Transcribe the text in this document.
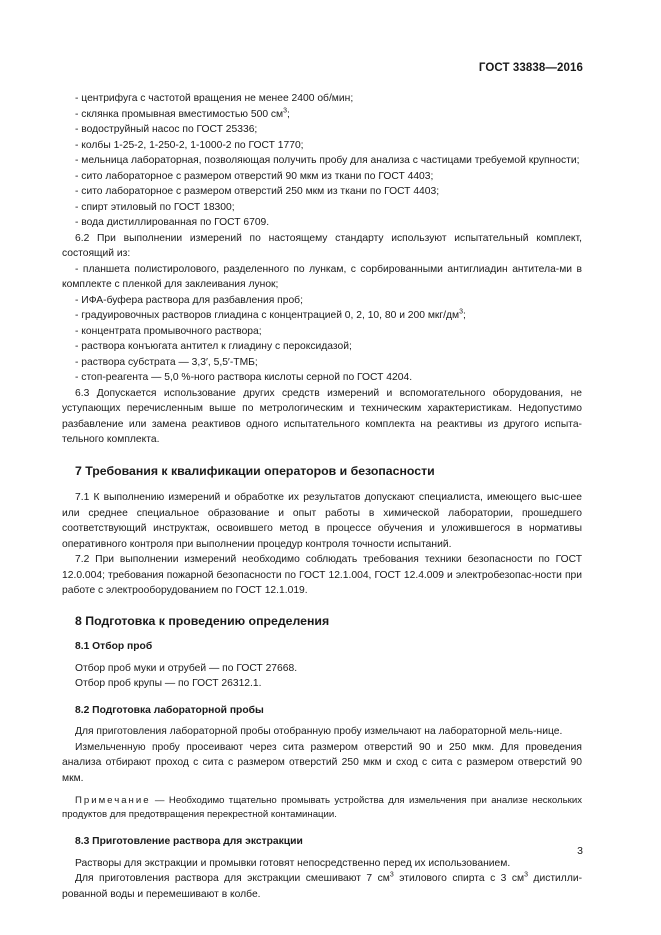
ГОСТ 33838—2016

- центрифуга с частотой вращения не менее 2400 об/мин;

- склянка промывная вместимостью 500 $см^3$;

- водоструйный насос по ГОСТ 25336;

- колбы 1-25-2, 1-250-2, 1-1000-2 по ГОСТ 1770;

- мельница лабораторная, позволяющая получить пробу для анализа с частицами требуемой крупности;

- сито лабораторное с размером отверстий 90 мкм из ткани по ГОСТ 4403;

- сито лабораторное с размером отверстий 250 мкм из ткани по ГОСТ 4403;

- спирт этиловый по ГОСТ 18300;

- вода дистиллированная по ГОСТ 6709.

6.2 При выполнении измерений по настоящему стандарту используют испытательный комплект, состоящий из:

- планшета полистиролового, разделенного по лункам, с сорбированными антиглиадин антитела-ми в комплекте с пленкой для заклеивания лунок;

- ИФА-буфера раствора для разбавления проб;

- градуировочных растворов глиадина с концентрацией 0, 2, 10, 80 и 200 мкг/$дм^3$;

- концентрата промывочного раствора;

- раствора конъюгата антител к глиадину с пероксидазой;

- раствора субстрата — 3,3′, 5,5′-ТМБ;

- стоп-реагента — 5,0 %-ного раствора кислоты серной по ГОСТ 4204.

6.3 Допускается использование других средств измерений и вспомогательного оборудования, не уступающих перечисленным выше по метрологическим и техническим характеристикам. Недопустимо разбавление или замена реактивов одного испытательного комплекта на реактивы из другого испыта-тельного комплекта.

7 Требования к квалификации операторов и безопасности

7.1 К выполнению измерений и обработке их результатов допускают специалиста, имеющего выс-шее или среднее специальное образование и опыт работы в химической лаборатории, прошедшего соответствующий инструктаж, освоившего метод в процессе обучения и уложившегося в нормативы оперативного контроля при выполнении процедур контроля точности испытаний.

7.2 При выполнении измерений необходимо соблюдать требования техники безопасности по ГОСТ 12.0.004; требования пожарной безопасности по ГОСТ 12.1.004, ГОСТ 12.4.009 и электробезопас-ности при работе с электрооборудованием по ГОСТ 12.1.019.

8 Подготовка к проведению определения
8.1 Отбор проб

Отбор проб муки и отрубей — по ГОСТ 27668.

Отбор проб крупы — по ГОСТ 26312.1.

8.2 Подготовка лабораторной пробы

Для приготовления лабораторной пробы отобранную пробу измельчают на лабораторной мель-нице.

Измельченную пробу просеивают через сита размером отверстий 90 и 250 мкм. Для проведения анализа отбирают проход с сита с размером отверстий 250 мкм и сход с сита с размером отверстий 90 мкм.

Примечание — Необходимо тщательно промывать устройства для измельчения при анализе нескольких продуктов для предотвращения перекрестной контаминации.

8.3 Приготовление раствора для экстракции

Растворы для экстракции и промывки готовят непосредственно перед их использованием.

Для приготовления раствора для экстракции смешивают 7 $см^3$ этилового спирта с 3 $см^3$ дистилли-рованной воды и перемешивают в колбе.

3
